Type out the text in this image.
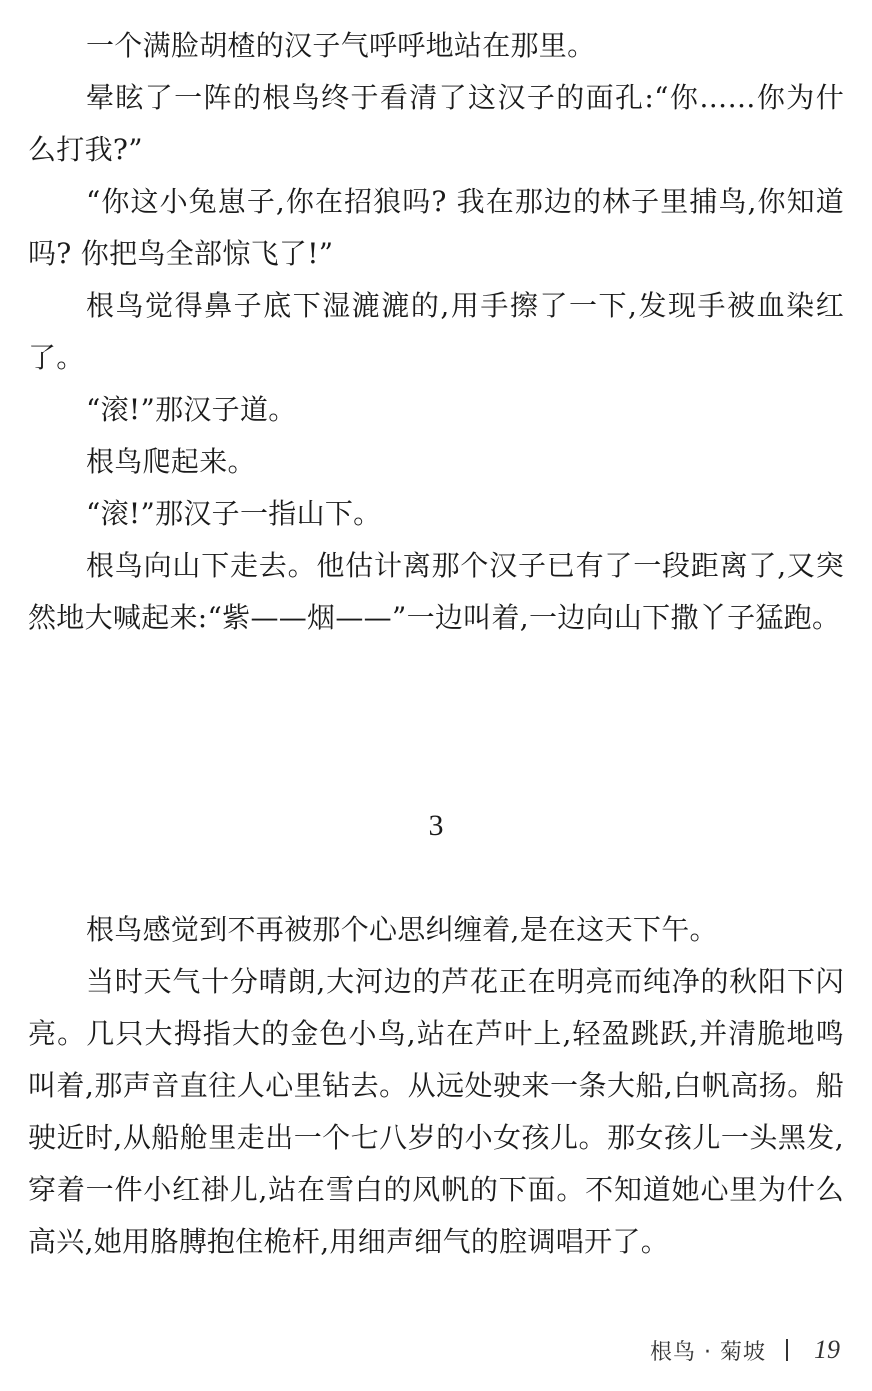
一个满脸胡楂的汉子气呼呼地站在那里。

晕眩了一阵的根鸟终于看清了这汉子的面孔:“你……你为什么打我?”

“你这小兔崽子,你在招狼吗? 我在那边的林子里捕鸟,你知道吗? 你把鸟全部惊飞了!”

根鸟觉得鼻子底下湿漉漉的,用手擦了一下,发现手被血染红了。

“滚!”那汉子道。

根鸟爬起来。

“滚!”那汉子一指山下。

根鸟向山下走去。他估计离那个汉子已有了一段距离了,又突然地大喊起来:“紫——烟——”一边叫着,一边向山下撒丫子猛跑。

3

根鸟感觉到不再被那个心思纠缠着,是在这天下午。

当时天气十分晴朗,大河边的芦花正在明亮而纯净的秋阳下闪亮。几只大拇指大的金色小鸟,站在芦叶上,轻盈跳跃,并清脆地鸣叫着,那声音直往人心里钻去。从远处驶来一条大船,白帆高扬。船驶近时,从船舱里走出一个七八岁的小女孩儿。那女孩儿一头黑发,穿着一件小红褂儿,站在雪白的风帆的下面。不知道她心里为什么高兴,她用胳膊抱住桅杆,用细声细气的腔调唱开了。

根鸟 · 菊坡 19
